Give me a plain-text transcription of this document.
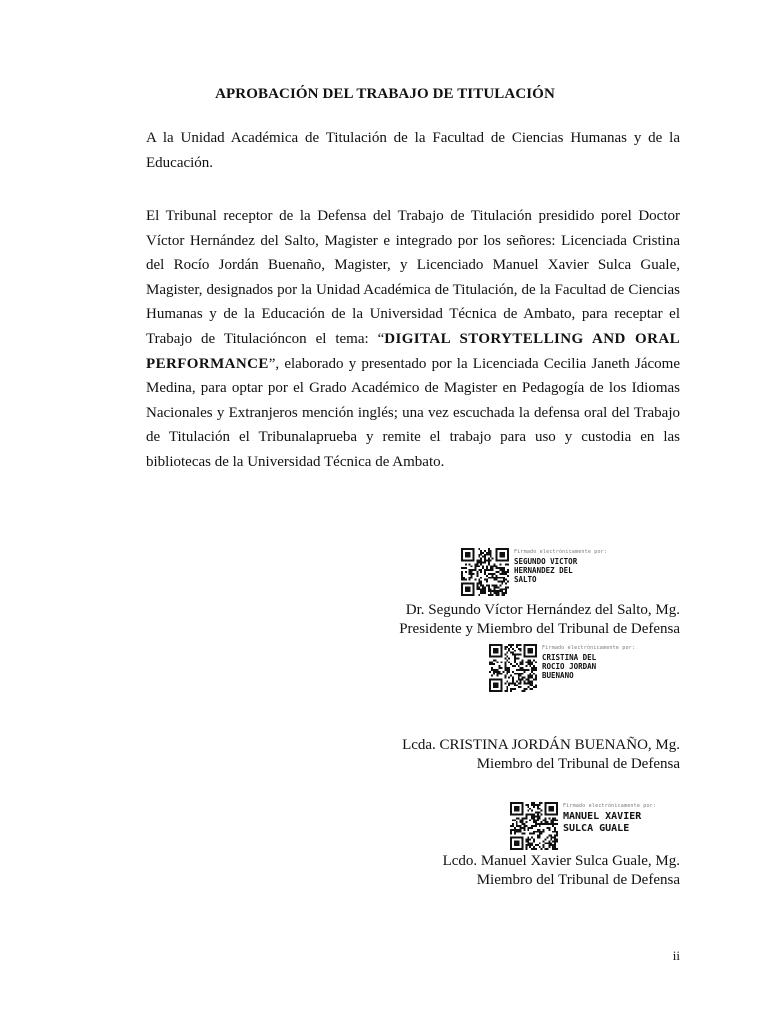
APROBACIÓN DEL TRABAJO DE TITULACIÓN

A la Unidad Académica de Titulación de la Facultad de Ciencias Humanas y de la Educación.

El Tribunal receptor de la Defensa del Trabajo de Titulación presidido porel Doctor Víctor Hernández del Salto, Magister e integrado por los señores: Licenciada Cristina del Rocío Jordán Buenaño, Magister, y Licenciado Manuel Xavier Sulca Guale, Magister, designados por la Unidad Académica de Titulación, de la Facultad de Ciencias Humanas y de la Educación de la Universidad Técnica de Ambato, para receptar el Trabajo de Titulacióncon el tema: “DIGITAL STORYTELLING AND ORAL PERFORMANCE”, elaborado y presentado por la Licenciada Cecilia Janeth Jácome Medina, para optar por el Grado Académico de Magister en Pedagogía de los Idiomas Nacionales y Extranjeros mención inglés; una vez escuchada la defensa oral del Trabajo de Titulación el Tribunalaprueba y remite el trabajo para uso y custodia en las bibliotecas de la Universidad Técnica de Ambato.

Firmado electrónicamente por:
SEGUNDO VICTOR
HERNANDEZ DEL
SALTO
Dr. Segundo Víctor Hernández del Salto, Mg.
Presidente y Miembro del Tribunal de Defensa
Firmado electrónicamente por:
CRISTINA DEL
ROCIO JORDAN
BUENANO
Lcda. CRISTINA JORDÁN BUENAÑO, Mg.
Miembro del Tribunal de Defensa
Firmado electrónicamente por:
MANUEL XAVIER
SULCA GUALE
Lcdo. Manuel Xavier Sulca Guale, Mg.
Miembro del Tribunal de Defensa
ii
